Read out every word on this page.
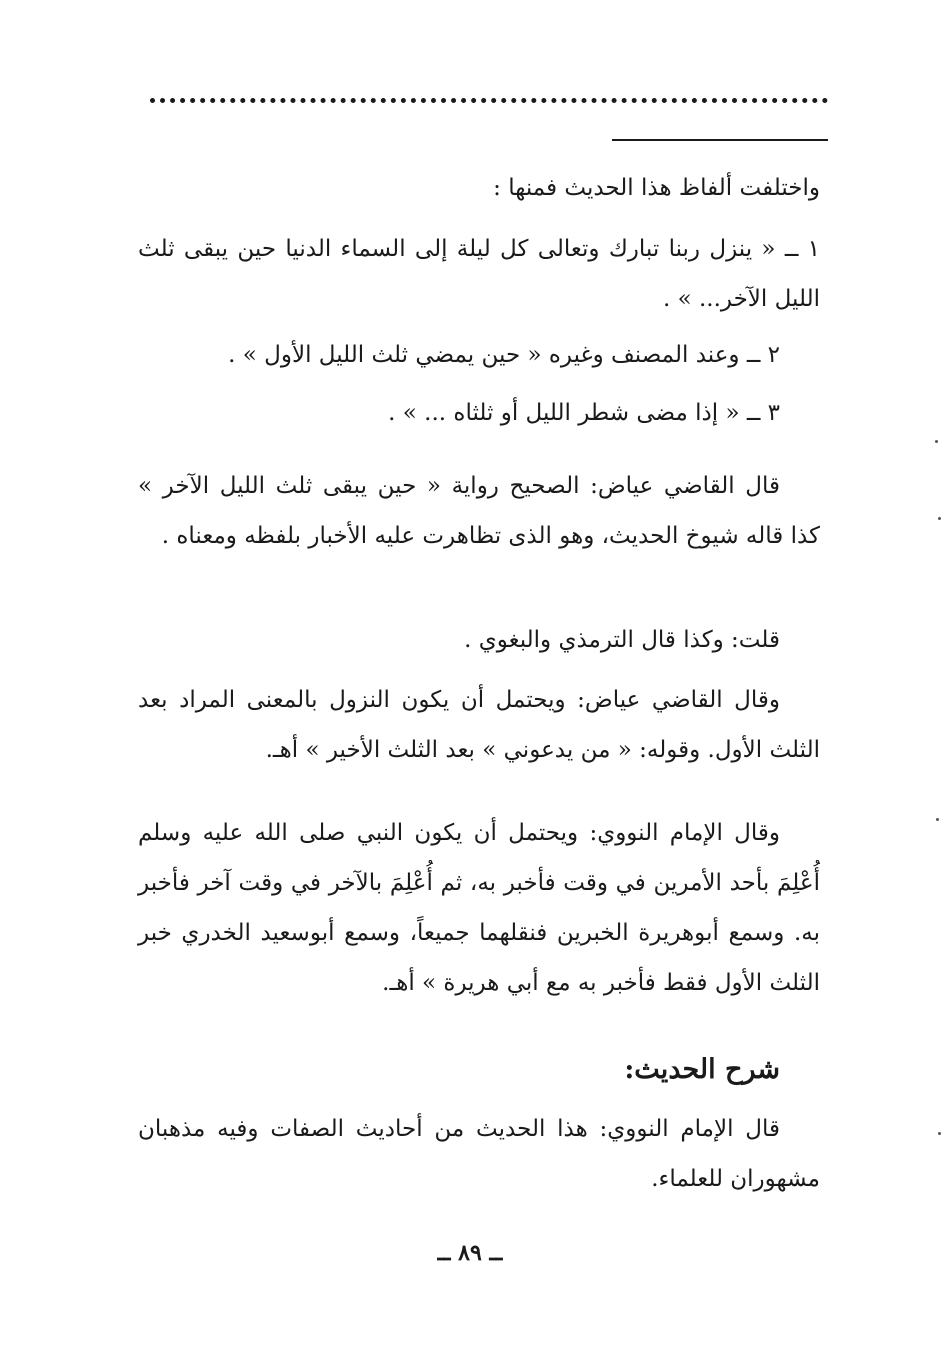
واختلفت ألفاظ هذا الحديث فمنها :

١ ــ « ينزل ربنا تبارك وتعالى كل ليلة إلى السماء الدنيا حين يبقى ثلث الليل الآخر... » .

٢ ــ وعند المصنف وغيره « حين يمضي ثلث الليل الأول » .

٣ ــ « إذا مضى شطر الليل أو ثلثاه ... » .

قال القاضي عياض: الصحيح رواية « حين يبقى ثلث الليل الآخر » كذا قاله شيوخ الحديث، وهو الذى تظاهرت عليه الأخبار بلفظه ومعناه .

قلت: وكذا قال الترمذي والبغوي .

وقال القاضي عياض: ويحتمل أن يكون النزول بالمعنى المراد بعد الثلث الأول. وقوله: « من يدعوني » بعد الثلث الأخير » أهـ.

وقال الإمام النووي: ويحتمل أن يكون النبي صلى الله عليه وسلم أُعْلِمَ بأحد الأمرين في وقت فأخبر به، ثم أُعْلِمَ بالآخر في وقت آخر فأخبر به. وسمع أبوهريرة الخبرين فنقلهما جميعاً، وسمع أبوسعيد الخدري خبر الثلث الأول فقط فأخبر به مع أبي هريرة » أهـ.

شرح الحديث:

قال الإمام النووي: هذا الحديث من أحاديث الصفات وفيه مذهبان مشهوران للعلماء.

ــ ٨٩ ــ
